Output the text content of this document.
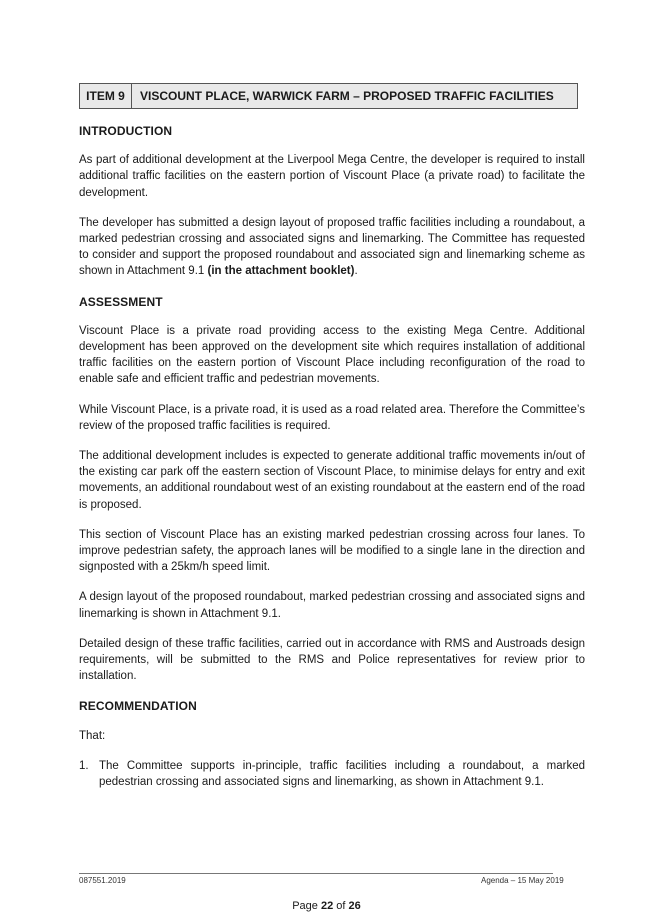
ITEM 9	VISCOUNT PLACE, WARWICK FARM – PROPOSED TRAFFIC FACILITIES
INTRODUCTION

As part of additional development at the Liverpool Mega Centre, the developer is required to install additional traffic facilities on the eastern portion of Viscount Place (a private road) to facilitate the development.

The developer has submitted a design layout of proposed traffic facilities including a roundabout, a marked pedestrian crossing and associated signs and linemarking. The Committee has requested to consider and support the proposed roundabout and associated sign and linemarking scheme as shown in Attachment 9.1 (in the attachment booklet).

ASSESSMENT

Viscount Place is a private road providing access to the existing Mega Centre. Additional development has been approved on the development site which requires installation of additional traffic facilities on the eastern portion of Viscount Place including reconfiguration of the road to enable safe and efficient traffic and pedestrian movements.

While Viscount Place, is a private road, it is used as a road related area. Therefore the Committee’s review of the proposed traffic facilities is required.

The additional development includes is expected to generate additional traffic movements in/out of the existing car park off the eastern section of Viscount Place, to minimise delays for entry and exit movements, an additional roundabout west of an existing roundabout at the eastern end of the road is proposed.

This section of Viscount Place has an existing marked pedestrian crossing across four lanes. To improve pedestrian safety, the approach lanes will be modified to a single lane in the direction and signposted with a 25km/h speed limit.

A design layout of the proposed roundabout, marked pedestrian crossing and associated signs and linemarking is shown in Attachment 9.1.

Detailed design of these traffic facilities, carried out in accordance with RMS and Austroads design requirements, will be submitted to the RMS and Police representatives for review prior to installation.

RECOMMENDATION

That:

1. The Committee supports in-principle, traffic facilities including a roundabout, a marked pedestrian crossing and associated signs and linemarking, as shown in Attachment 9.1.
087551.2019	Agenda – 15 May 2019
Page 22 of 26
